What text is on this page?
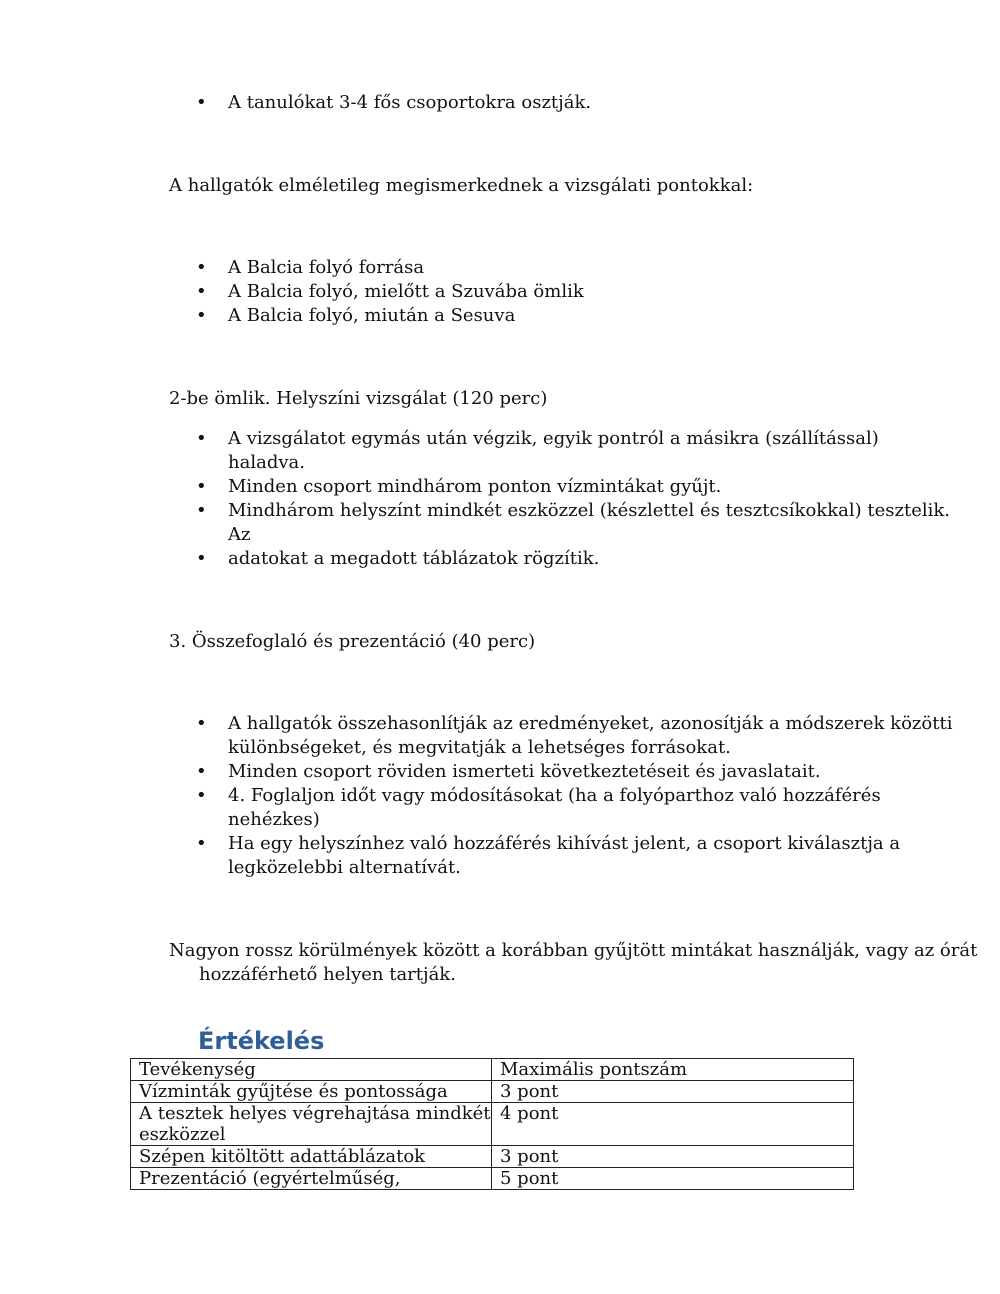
• A tanulókat 3-4 fős csoportokra osztják.
A hallgatók elméletileg megismerkednek a vizsgálati pontokkal:
• A Balcia folyó forrása
• A Balcia folyó, mielőtt a Szuvába ömlik
• A Balcia folyó, miután a Sesuva
2-be ömlik. Helyszíni vizsgálat (120 perc)
• A vizsgálatot egymás után végzik, egyik pontról a másikra (szállítással) haladva.
• Minden csoport mindhárom ponton vízmintákat gyűjt.
• Mindhárom helyszínt mindkét eszközzel (készlettel és tesztcsíkokkal) tesztelik. Az
• adatokat a megadott táblázatok rögzítik.
3. Összefoglaló és prezentáció (40 perc)
• A hallgatók összehasonlítják az eredményeket, azonosítják a módszerek közötti különbségeket, és megvitatják a lehetséges forrásokat.
• Minden csoport röviden ismerteti következtetéseit és javaslatait.
• 4. Foglaljon időt vagy módosításokat (ha a folyóparthoz való hozzáférés nehézkes)
• Ha egy helyszínhez való hozzáférés kihívást jelent, a csoport kiválasztja a legközelebbi alternatívát.
Nagyon rossz körülmények között a korábban gyűjtött mintákat használják, vagy az órát hozzáférhető helyen tartják.
Értékelés
Tevékenység	Maximális pontszám
Vízminták gyűjtése és pontossága	3 pont
A tesztek helyes végrehajtása mindkét eszközzel	4 pont
Szépen kitöltött adattáblázatok	3 pont
Prezentáció (egyértelműség,	5 pont
